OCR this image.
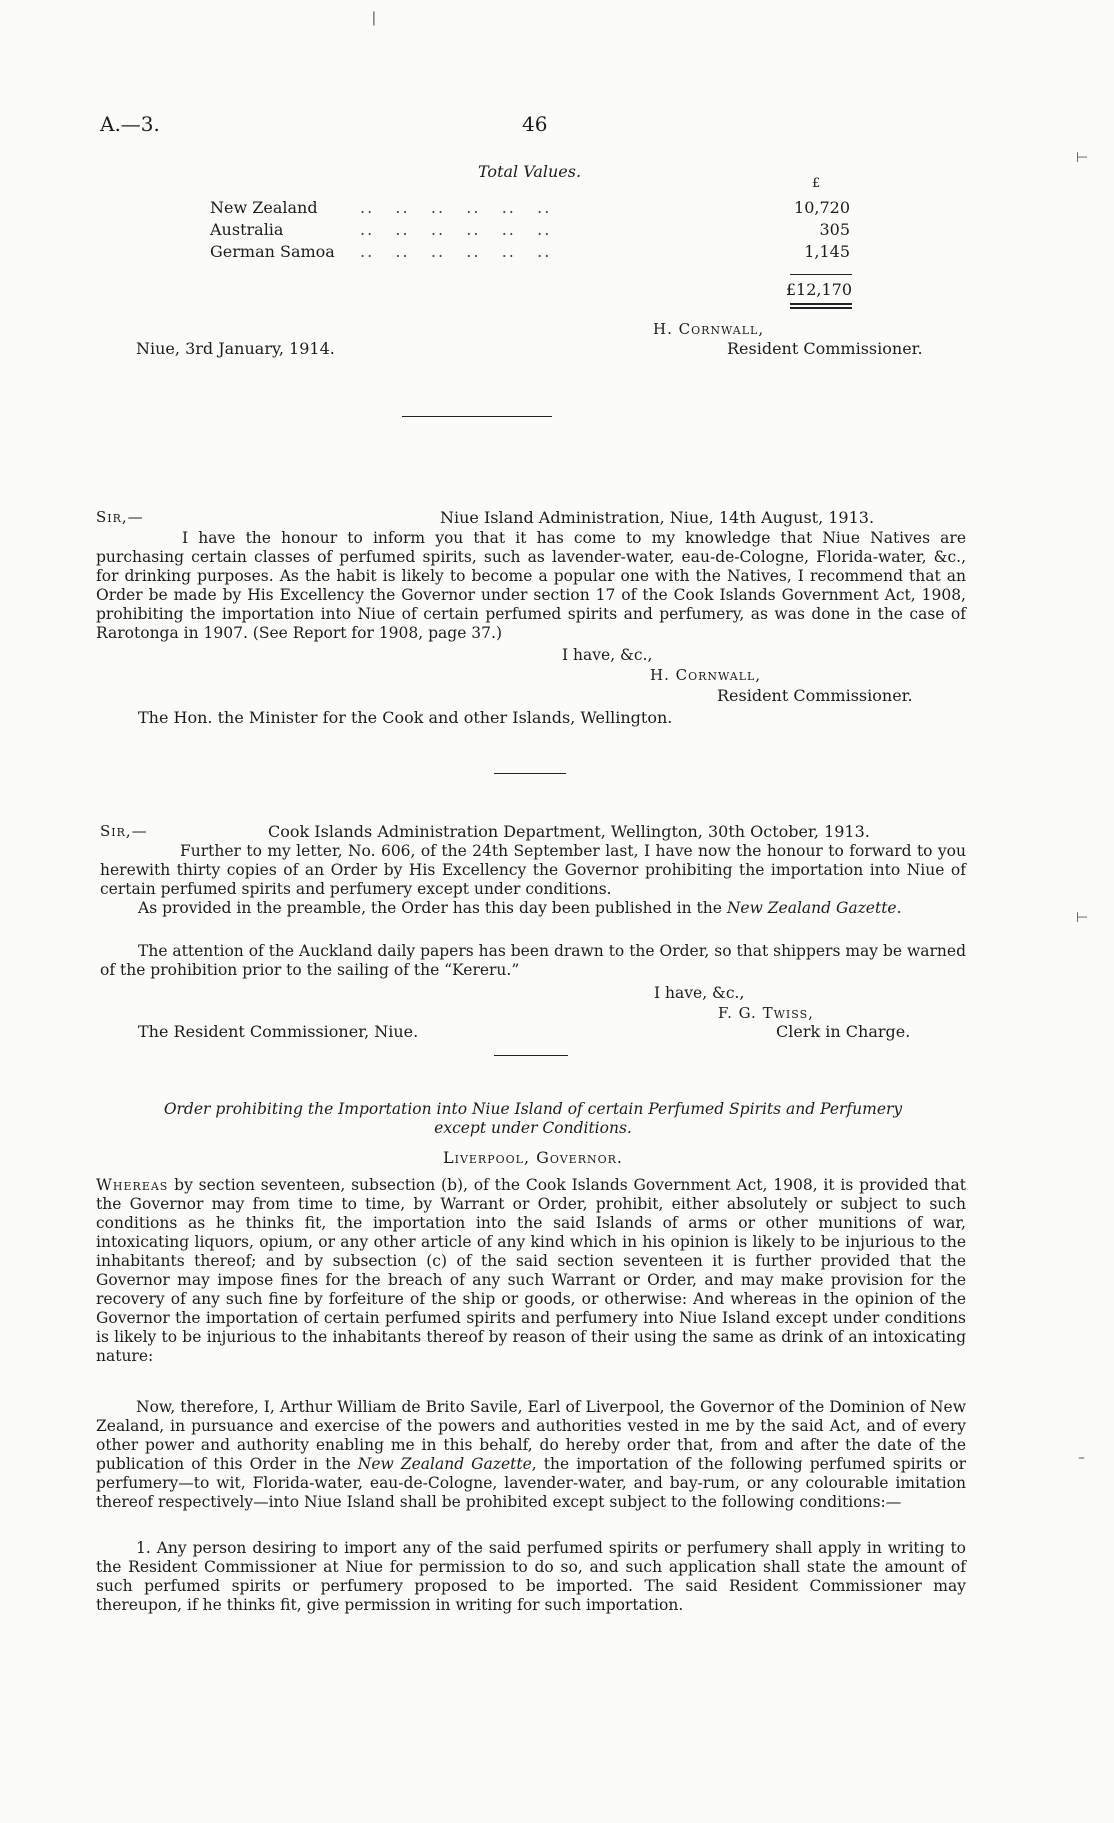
A.—3.	46
Total Values.
£
New Zealand	..   ..   ..   ..   ..   ..	10,720
Australia	..   ..   ..   ..   ..   ..	305
German Samoa	..   ..   ..   ..   ..   ..	1,145
£12,170
Niue, 3rd January, 1914.
H. Cornwall,
Resident Commissioner.
Sir,—	Niue Island Administration, Niue, 14th August, 1913.
I have the honour to inform you that it has come to my knowledge that Niue Natives are purchasing certain classes of perfumed spirits, such as lavender-water, eau-de-Cologne, Florida-water, &c., for drinking purposes. As the habit is likely to become a popular one with the Natives, I recommend that an Order be made by His Excellency the Governor under section 17 of the Cook Islands Government Act, 1908, prohibiting the importation into Niue of certain perfumed spirits and perfumery, as was done in the case of Rarotonga in 1907. (See Report for 1908, page 37.)
I have, &c.,
H. Cornwall,
Resident Commissioner.
The Hon. the Minister for the Cook and other Islands, Wellington.
Sir,—	Cook Islands Administration Department, Wellington, 30th October, 1913.
Further to my letter, No. 606, of the 24th September last, I have now the honour to forward to you herewith thirty copies of an Order by His Excellency the Governor prohibiting the importation into Niue of certain perfumed spirits and perfumery except under conditions.
As provided in the preamble, the Order has this day been published in the New Zealand Gazette.
The attention of the Auckland daily papers has been drawn to the Order, so that shippers may be warned of the prohibition prior to the sailing of the “Kereru.”
I have, &c.,
F. G. Twiss,
The Resident Commissioner, Niue.	Clerk in Charge.
Order prohibiting the Importation into Niue Island of certain Perfumed Spirits and Perfumery
except under Conditions.
Liverpool, Governor.
Whereas by section seventeen, subsection (b), of the Cook Islands Government Act, 1908, it is provided that the Governor may from time to time, by Warrant or Order, prohibit, either absolutely or subject to such conditions as he thinks fit, the importation into the said Islands of arms or other munitions of war, intoxicating liquors, opium, or any other article of any kind which in his opinion is likely to be injurious to the inhabitants thereof; and by subsection (c) of the said section seventeen it is further provided that the Governor may impose fines for the breach of any such Warrant or Order, and may make provision for the recovery of any such fine by forfeiture of the ship or goods, or otherwise: And whereas in the opinion of the Governor the importation of certain perfumed spirits and perfumery into Niue Island except under conditions is likely to be injurious to the inhabitants thereof by reason of their using the same as drink of an intoxicating nature:
Now, therefore, I, Arthur William de Brito Savile, Earl of Liverpool, the Governor of the Dominion of New Zealand, in pursuance and exercise of the powers and authorities vested in me by the said Act, and of every other power and authority enabling me in this behalf, do hereby order that, from and after the date of the publication of this Order in the New Zealand Gazette, the importation of the following perfumed spirits or perfumery—to wit, Florida-water, eau-de-Cologne, lavender-water, and bay-rum, or any colourable imitation thereof respectively—into Niue Island shall be prohibited except subject to the following conditions:—
1. Any person desiring to import any of the said perfumed spirits or perfumery shall apply in writing to the Resident Commissioner at Niue for permission to do so, and such application shall state the amount of such perfumed spirits or perfumery proposed to be imported. The said Resident Commissioner may thereupon, if he thinks fit, give permission in writing for such importation.
❘
⊢
⊢
–
